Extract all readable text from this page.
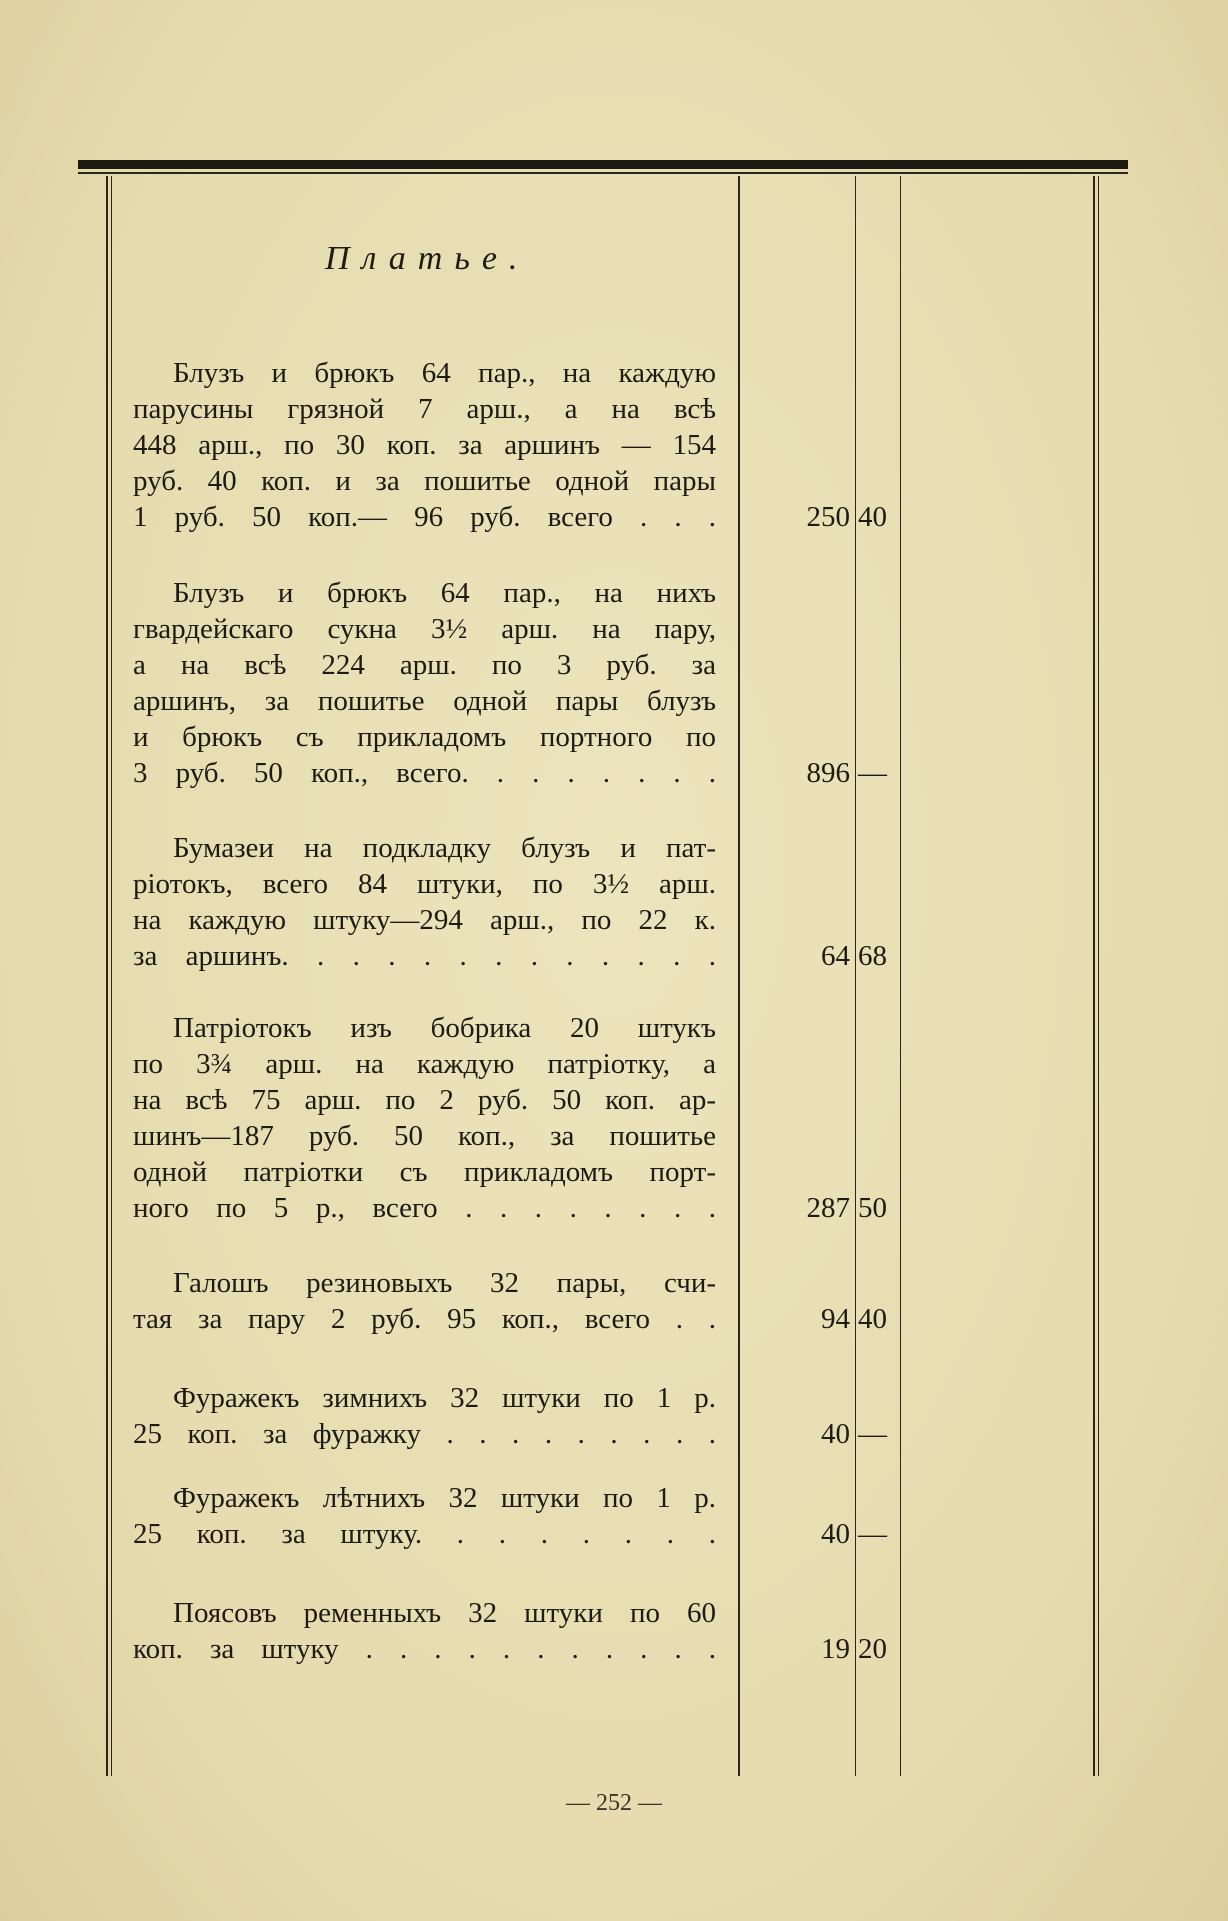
Платье.

Блузъ и брюкъ 64 пар., на каждую

парусины грязной 7 арш., а на всѣ

448 арш., по 30 коп. за аршинъ — 154

руб. 40 коп. и за пошитье одной пары

1 руб. 50 коп.— 96 руб. всего . . .	250 40

Блузъ и брюкъ 64 пар., на нихъ

гвардейскаго сукна 3½ арш. на пару,

а на всѣ 224 арш. по 3 руб. за

аршинъ, за пошитье одной пары блузъ

и брюкъ съ прикладомъ портного по

3 руб. 50 коп., всего. . . . . . . .	896 —

Бумазеи на подкладку блузъ и пат-

ріотокъ, всего 84 штуки, по 3½ арш.

на каждую штуку—294 арш., по 22 к.

за аршинъ. . . . . . . . . . . . .	64 68

Патріотокъ изъ бобрика 20 штукъ

по 3¾ арш. на каждую патріотку, а

на всѣ 75 арш. по 2 руб. 50 коп. ар-

шинъ—187 руб. 50 коп., за пошитье

одной патріотки съ прикладомъ порт-

ного по 5 р., всего . . . . . . . .	287 50

Галошъ резиновыхъ 32 пары, счи-

тая за пару 2 руб. 95 коп., всего . .	94 40

Фуражекъ зимнихъ 32 штуки по 1 р.

25 коп. за фуражку . . . . . . . . .	40 —

Фуражекъ лѣтнихъ 32 штуки по 1 р.

25 коп. за штуку. . . . . . . .	40 —

Поясовъ ременныхъ 32 штуки по 60

коп. за штуку . . . . . . . . . . .	19 20
— 252 —
